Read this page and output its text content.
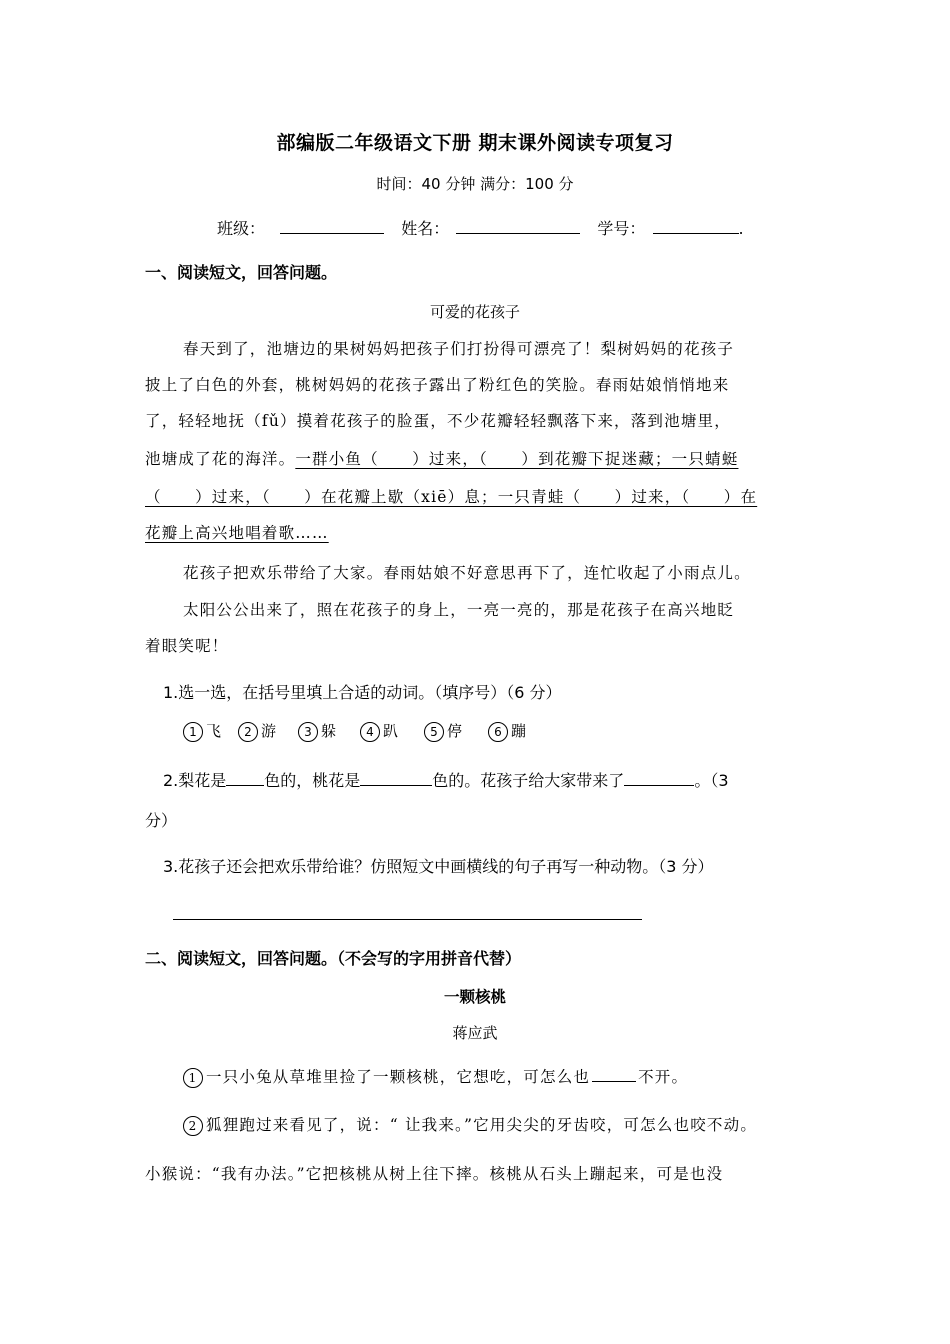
部编版二年级语文下册 期末课外阅读专项复习
时间：40 分钟 满分：100 分
班级：	姓名：	学号：	.
一、阅读短文，回答问题。
可爱的花孩子
春天到了，池塘边的果树妈妈把孩子们打扮得可漂亮了！梨树妈妈的花孩子
披上了白色的外套，桃树妈妈的花孩子露出了粉红色的笑脸。春雨姑娘悄悄地来
了，轻轻地抚（fǔ）摸着花孩子的脸蛋，不少花瓣轻轻飘落下来，落到池塘里，
池塘成了花的海洋。一群小鱼（　　）过来，（　　）到花瓣下捉迷藏；一只蜻蜓
（　　）过来，（　　）在花瓣上歇（xiē）息；一只青蛙（　　）过来，（　　）在
花瓣上高兴地唱着歌……
花孩子把欢乐带给了大家。春雨姑娘不好意思再下了，连忙收起了小雨点儿。
太阳公公出来了，照在花孩子的身上，一亮一亮的，那是花孩子在高兴地眨
着眼笑呢！
1.选一选，在括号里填上合适的动词。（填序号）（6 分）
1 飞	2 游	3 躲	4 趴	5 停	6 蹦
2.梨花是 色的，桃花是	色的。花孩子给大家带来了	。（3
分）
3.花孩子还会把欢乐带给谁？仿照短文中画横线的句子再写一种动物。（3 分）
二、阅读短文，回答问题。（不会写的字用拼音代替）
一颗核桃
蒋应武
1 一只小兔从草堆里捡了一颗核桃，它想吃，可怎么也	不开。
2 狐狸跑过来看见了，说：“ 让我来。”它用尖尖的牙齿咬，可怎么也咬不动。
小猴说：“我有办法。”它把核桃从树上往下摔。核桃从石头上蹦起来，可是也没
